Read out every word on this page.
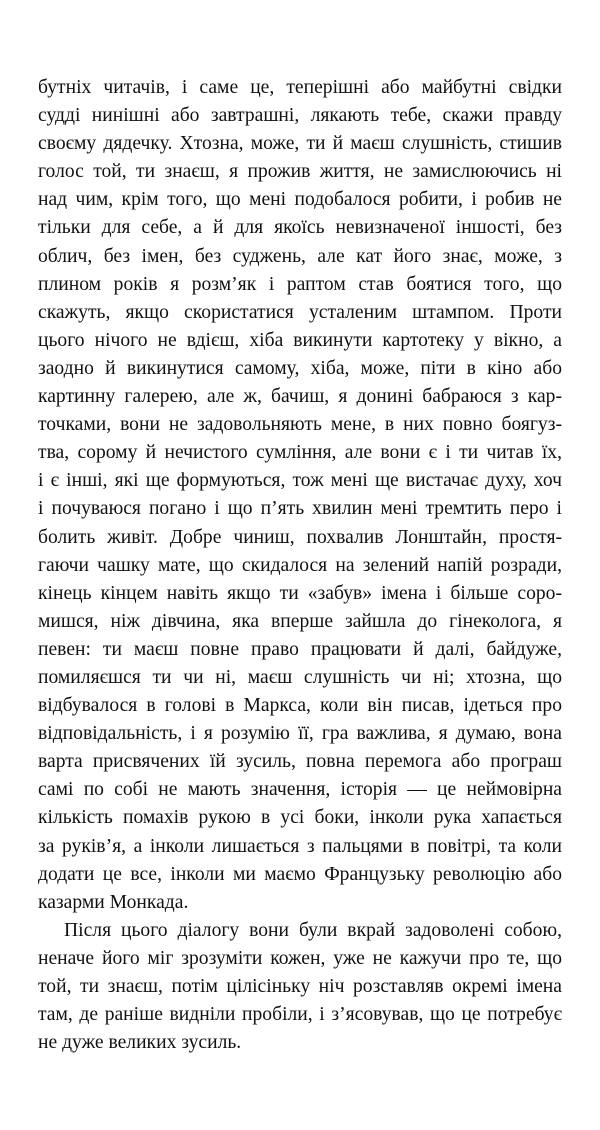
бутніх читачів, і саме це, теперішні або майбутні свідки
судді нинішні або завтрашні, лякають тебе, скажи правду
своєму дядечку. Хтозна, може, ти й маєш слушність, стишив
голос той, ти знаєш, я прожив життя, не замислюючись ні
над чим, крім того, що мені подобалося робити, і робив не
тільки для себе, а й для якоїсь невизначеної іншості, без
облич, без імен, без суджень, але кат його знає, може, з
плином років я розм’як і раптом став боятися того, що
скажуть, якщо скористатися усталеним штампом. Проти
цього нічого не вдієш, хіба викинути картотеку у вікно, а
заодно й викинутися самому, хіба, може, піти в кіно або
картинну галерею, але ж, бачиш, я донині бабраюся з кар-
точками, вони не задовольняють мене, в них повно боягуз-
тва, сорому й нечистого сумління, але вони є і ти читав їх,
і є інші, які ще формуються, тож мені ще вистачає духу, хоч
і почуваюся погано і що п’ять хвилин мені тремтить перо і
болить живіт. Добре чиниш, похвалив Лонштайн, простя-
гаючи чашку мате, що скидалося на зелений напій розради,
кінець кінцем навіть якщо ти «забув» імена і більше соро-
мишся, ніж дівчина, яка вперше зайшла до гінеколога, я
певен: ти маєш повне право працювати й далі, байдуже,
помиляєшся ти чи ні, маєш слушність чи ні; хтозна, що
відбувалося в голові в Маркса, коли він писав, ідеться про
відповідальність, і я розумію її, гра важлива, я думаю, вона
варта присвячених їй зусиль, повна перемога або програш
самі по собі не мають значення, історія — це неймовірна
кількість помахів рукою в усі боки, інколи рука хапається
за руків’я, а інколи лишається з пальцями в повітрі, та коли
додати це все, інколи ми маємо Французьку революцію або
казарми Монкада.
Після цього діалогу вони були вкрай задоволені собою,
неначе його міг зрозуміти кожен, уже не кажучи про те, що
той, ти знаєш, потім цілісіньку ніч розставляв окремі імена
там, де раніше видніли пробіли, і з’ясовував, що це потребує
не дуже великих зусиль.
